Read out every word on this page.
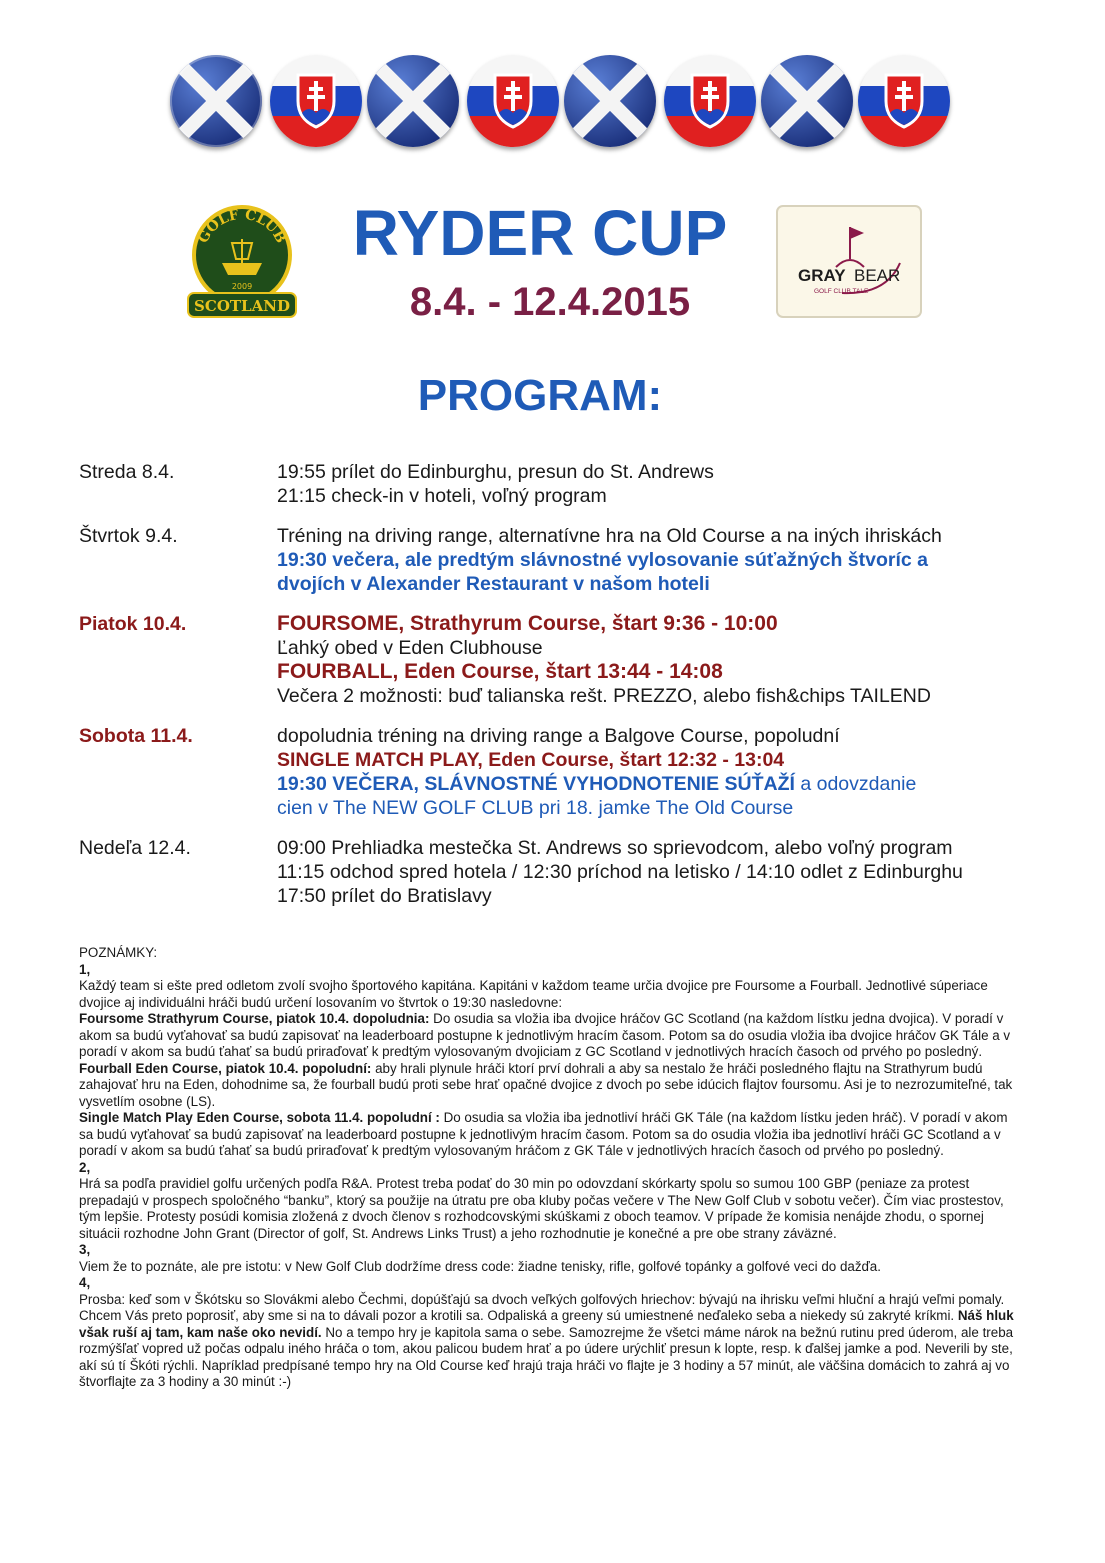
GOLF CLUB
2009
SCOTLAND
GRAY BEAR
GOLF CLUB TALE
RYDER CUP
8.4. - 12.4.2015
PROGRAM:
Streda 8.4.	19:55 prílet do Edinburghu, presun do St. Andrews
21:15 check-in v hoteli, voľný program
Štvrtok 9.4.	Tréning na driving range, alternatívne hra na Old Course a na iných ihriskách
19:30 večera, ale predtým slávnostné vylosovanie súťažných štvoríc a
dvojích v Alexander Restaurant v našom hoteli
Piatok 10.4.	FOURSOME, Strathyrum Course, štart 9:36 - 10:00
Ľahký obed v Eden Clubhouse
FOURBALL, Eden Course, štart 13:44 - 14:08
Večera 2 možnosti: buď talianska rešt. PREZZO, alebo fish&chips TAILEND
Sobota 11.4.	dopoludnia tréning na driving range a Balgove Course, popoludní
SINGLE MATCH PLAY, Eden Course, štart 12:32 - 13:04
19:30 VEČERA, SLÁVNOSTNÉ VYHODNOTENIE SÚŤAŽÍ a odovzdanie
cien v The NEW GOLF CLUB pri 18. jamke The Old Course
Nedeľa 12.4.	09:00 Prehliadka mestečka St. Andrews so sprievodcom, alebo voľný program
11:15 odchod spred hotela / 12:30 príchod na letisko / 14:10 odlet z Edinburghu
17:50 prílet do Bratislavy

POZNÁMKY:

1,

Každý team si ešte pred odletom zvolí svojho športového kapitána. Kapitáni v každom teame určia dvojice pre Foursome a Fourball. Jednotlivé súperiace dvojice aj individuálni hráči budú určení losovaním vo štvrtok o 19:30 nasledovne:

Foursome Strathyrum Course, piatok 10.4. dopoludnia: Do osudia sa vložia iba dvojice hráčov GC Scotland (na každom lístku jedna dvojica). V poradí v akom sa budú vyťahovať sa budú zapisovať na leaderboard postupne k jednotlivým hracím časom. Potom sa do osudia vložia iba dvojice hráčov GK Tále a v poradí v akom sa budú ťahať sa budú priraďovať k predtým vylosovaným dvojiciam z GC Scotland v jednotlivých hracích časoch od prvého po posledný.

Fourball Eden Course, piatok 10.4. popoludní: aby hrali plynule hráči ktorí prví dohrali a aby sa nestalo že hráči posledného flajtu na Strathyrum budú zahajovať hru na Eden, dohodnime sa, že fourball budú proti sebe hrať opačné dvojice z dvoch po sebe idúcich flajtov foursomu. Asi je to nezrozumiteľné, tak vysvetlím osobne (LS).

Single Match Play Eden Course, sobota 11.4. popoludní : Do osudia sa vložia iba jednotliví hráči GK Tále (na každom lístku jeden hráč). V poradí v akom sa budú vyťahovať sa budú zapisovať na leaderboard postupne k jednotlivým hracím časom. Potom sa do osudia vložia iba jednotliví hráči GC Scotland a v poradí v akom sa budú ťahať sa budú priraďovať k predtým vylosovaným hráčom z GK Tále v jednotlivých hracích časoch od prvého po posledný.

2,

Hrá sa podľa pravidiel golfu určených podľa R&A. Protest treba podať do 30 min po odovzdaní skórkarty spolu so sumou 100 GBP (peniaze za protest prepadajú v prospech spoločného “banku”, ktorý sa použije na útratu pre oba kluby počas večere v The New Golf Club v sobotu večer). Čím viac prostestov, tým lepšie. Protesty posúdi komisia zložená z dvoch členov s rozhodcovskými skúškami z oboch teamov. V prípade že komisia nenájde zhodu, o spornej situácii rozhodne John Grant (Director of golf, St. Andrews Links Trust) a jeho rozhodnutie je konečné a pre obe strany záväzné.

3,

Viem že to poznáte, ale pre istotu: v New Golf Club dodržíme dress code: žiadne tenisky, rifle, golfové topánky a golfové veci do dažďa.

4,

Prosba: keď som v Škótsku so Slovákmi alebo Čechmi, dopúšťajú sa dvoch veľkých golfových hriechov: bývajú na ihrisku veľmi hluční a hrajú veľmi pomaly. Chcem Vás preto poprosiť, aby sme si na to dávali pozor a krotili sa. Odpaliská a greeny sú umiestnené neďaleko seba a niekedy sú zakryté kríkmi. Náš hluk však ruší aj tam, kam naše oko nevidí. No a tempo hry je kapitola sama o sebe. Samozrejme že všetci máme nárok na bežnú rutinu pred úderom, ale treba rozmýšľať vopred už počas odpalu iného hráča o tom, akou palicou budem hrať a po údere urýchliť presun k lopte, resp. k ďalšej jamke a pod. Neverili by ste, akí sú tí Škóti rýchli. Napríklad predpísané tempo hry na Old Course keď hrajú traja hráči vo flajte je 3 hodiny a 57 minút, ale väčšina domácich to zahrá aj vo štvorflajte za 3 hodiny a 30 minút :-)
